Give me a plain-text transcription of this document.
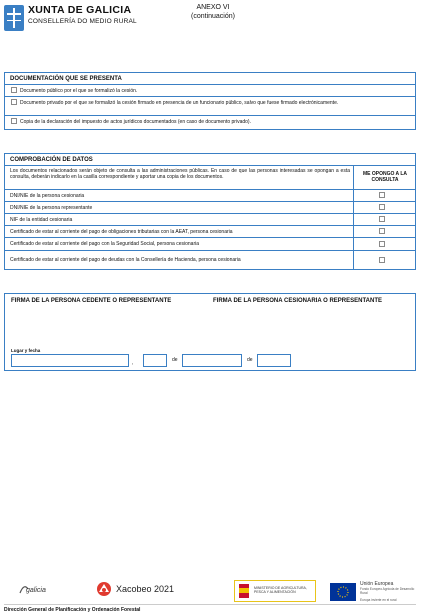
XUNTA DE GALICIA
CONSELLERÍA DO MEDIO RURAL
ANEXO VI
(continuación)
DOCUMENTACIÓN QUE SE PRESENTA
Documento público por el que se formalizó la cesión.
Documento privado por el que se formalizó la cesión firmado en presencia de un funcionario público, salvo que fuese firmado electrónicamente.
Copia de la declaración del impuesto de actos jurídicos documentados (en caso de documento privado).
COMPROBACIÓN DE DATOS
Los documentos relacionados serán objeto de consulta a las administraciones públicas. En caso de que las personas interesadas se opongan a esta consulta, deberán indicarlo en la casilla correspondiente y aportar una copia de los documentos.	ME OPONGO A LA CONSULTA
DNI/NIE de la persona cesionaria
DNI/NIE de la persona representante
NIF de la entidad cesionaria
Certificado de estar al corriente del pago de obligaciones tributarias con la AEAT, persona cesionaria
Certificado de estar al corriente del pago con la Seguridad Social, persona cesionaria
Certificado de estar al corriente del pago de deudas con la Consellería de Hacienda, persona cesionaria
FIRMA DE LA PERSONA CEDENTE O REPRESENTANTE	FIRMA DE LA PERSONA CESIONARIA O REPRESENTANTE
Lugar y fecha
,	de	de
galicia	Xacobeo 2021	MINISTERIO DE AGRICULTURA, PESCA Y ALIMENTACIÓN
Unión Europea
Fondo Europeo Agrícola de Desarrollo Rural
Europa invierte en el rural
Dirección General de Planificación y Ordenación Forestal
